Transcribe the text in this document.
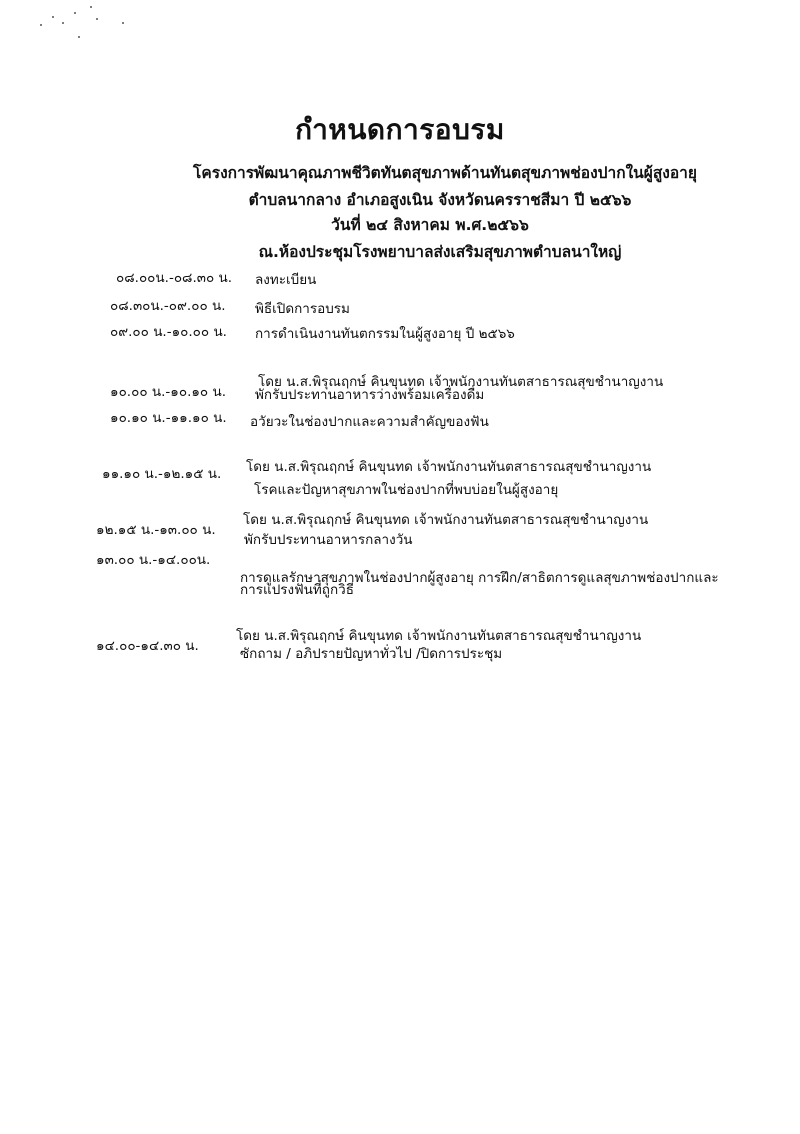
กำหนดการอบรม
โครงการพัฒนาคุณภาพชีวิตทันตสุขภาพด้านทันตสุขภาพช่องปากในผู้สูงอายุ
ตำบลนากลาง อำเภอสูงเนิน จังหวัดนครราชสีมา ปี ๒๕๖๖
วันที่ ๒๔ สิงหาคม พ.ศ.๒๕๖๖
ณ.ห้องประชุมโรงพยาบาลส่งเสริมสุขภาพตำบลนาใหญ่
๐๘.๐๐น.-๐๘.๓๐ น. ลงทะเบียน
๐๘.๓๐น.-๐๙.๐๐ น. พิธีเปิดการอบรม
๐๙.๐๐ น.-๑๐.๐๐ น. การดำเนินงานทันตกรรมในผู้สูงอายุ ปี ๒๕๖๖
โดย น.ส.พิรุณฤกษ์ คินขุนทด เจ้าพนักงานทันตสาธารณสุขชำนาญงาน
๑๐.๐๐ น.-๑๐.๑๐ น. พักรับประทานอาหารว่างพร้อมเครื่องดื่ม
๑๐.๑๐ น.-๑๑.๑๐ น. อวัยวะในช่องปากและความสำคัญของฟัน
โดย น.ส.พิรุณฤกษ์ คินขุนทด เจ้าพนักงานทันตสาธารณสุขชำนาญงาน
๑๑.๑๐ น.-๑๒.๑๕ น.
โรคและปัญหาสุขภาพในช่องปากที่พบบ่อยในผู้สูงอายุ
โดย น.ส.พิรุณฤกษ์ คินขุนทด เจ้าพนักงานทันตสาธารณสุขชำนาญงาน
๑๒.๑๕ น.-๑๓.๐๐ น.
พักรับประทานอาหารกลางวัน
๑๓.๐๐ น.-๑๔.๐๐น.
การดูแลรักษาสุขภาพในช่องปากผู้สูงอายุ การฝึก/สาธิตการดูแลสุขภาพช่องปากและ
การแปรงฟันที่ถูกวิธี
โดย น.ส.พิรุณฤกษ์ คินขุนทด เจ้าพนักงานทันตสาธารณสุขชำนาญงาน
๑๔.๐๐-๑๔.๓๐ น.	ซักถาม / อภิปรายปัญหาทั่วไป /ปิดการประชุม
